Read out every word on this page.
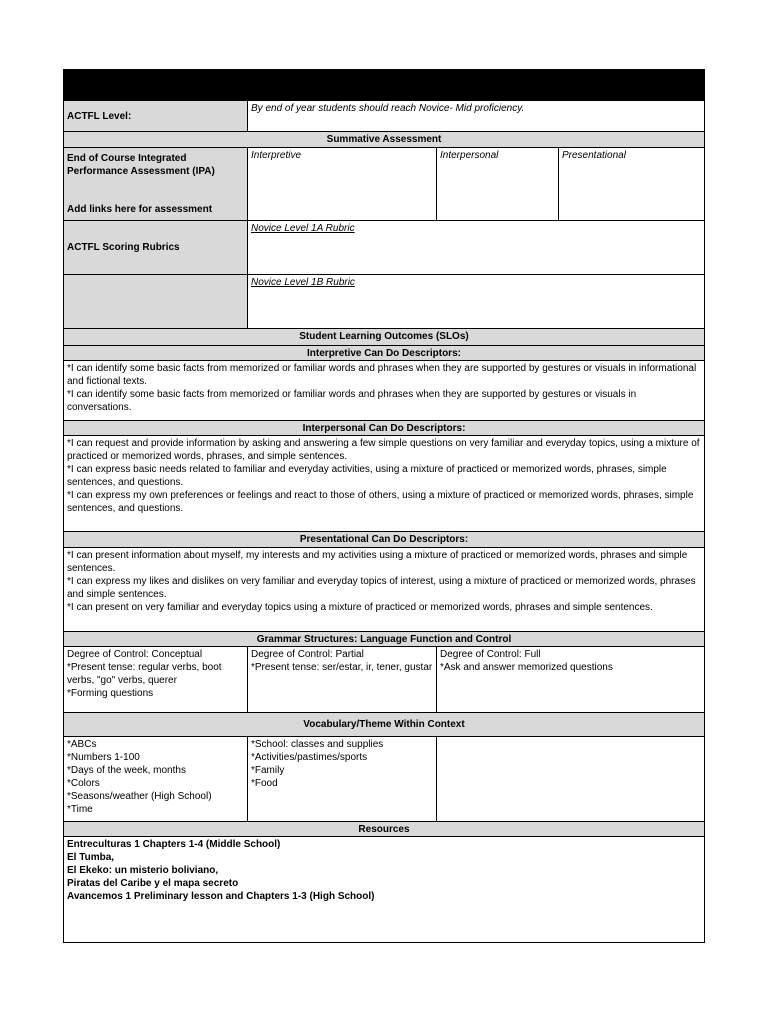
ACTFL Level:
By end of year students should reach Novice- Mid proficiency.
Summative Assessment
End of Course Integrated Performance Assessment (IPA)
Add links here for assessment
Interpretive	Interpersonal	Presentational
ACTFL Scoring Rubrics
Novice Level 1A Rubric
Novice Level 1B Rubric
Student Learning Outcomes (SLOs)
Interpretive Can Do Descriptors:
*I can identify some basic facts from memorized or familiar words and phrases when they are supported by gestures or visuals in informational and fictional texts.
*I can identify some basic facts from memorized or familiar words and phrases when they are supported by gestures or visuals in conversations.
Interpersonal Can Do Descriptors:
*I can request and provide information by asking and answering a few simple questions on very familiar and everyday topics, using a mixture of practiced or memorized words, phrases, and simple sentences.
*I can express basic needs related to familiar and everyday activities, using a mixture of practiced or memorized words, phrases, simple sentences, and questions.
*I can express my own preferences or feelings and react to those of others, using a mixture of practiced or memorized words, phrases, simple sentences, and questions.
Presentational Can Do Descriptors:
*I can present information about myself, my interests and my activities using a mixture of practiced or memorized words, phrases and simple sentences.
*I can express my likes and dislikes on very familiar and everyday topics of interest, using a mixture of practiced or memorized words, phrases and simple sentences.
*I can present on very familiar and everyday topics using a mixture of practiced or memorized words, phrases and simple sentences.
Grammar Structures: Language Function and Control
Degree of Control: Conceptual
*Present tense: regular verbs, boot verbs, "go" verbs, querer
*Forming questions
Degree of Control: Partial
*Present tense: ser/estar, ir, tener, gustar
Degree of Control: Full
*Ask and answer memorized questions
Vocabulary/Theme Within Context
*ABCs
*Numbers 1-100
*Days of the week, months
*Colors
*Seasons/weather (High School)
*Time
*School: classes and supplies
*Activities/pastimes/sports
*Family
*Food
Resources
Entreculturas 1 Chapters 1-4 (Middle School)
El Tumba,
El Ekeko: un misterio boliviano,
Piratas del Caribe y el mapa secreto
Avancemos 1 Preliminary lesson and Chapters 1-3 (High School)
